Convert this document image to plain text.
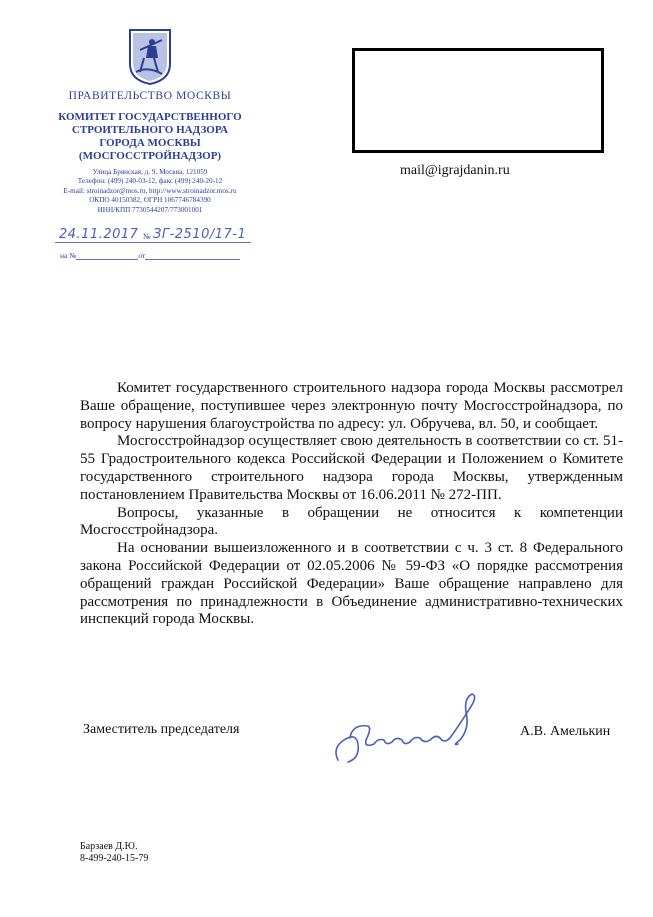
ПРАВИТЕЛЬСТВО МОСКВЫ
КОМИТЕТ ГОСУДАРСТВЕННОГО
СТРОИТЕЛЬНОГО НАДЗОРА
ГОРОДА МОСКВЫ
(МОСГОССТРОЙНАДЗОР)
Улица Брянская, д. 9, Москва, 121059
Телефон: (499) 240-03-12, факс (499) 240-20-12
E-mail: stroinadzor@mos.ru, http://www.stroinadzor.mos.ru
ОКПО 40150382, ОГРН 1067746784390
ИНН/КПП 7730544207/773001001
24.11.2017 № ЗГ-2510/17-1
на №	от
mail@igrajdanin.ru

Комитет государственного строительного надзора города Москвы рассмотрел Ваше обращение, поступившее через электронную почту Мосгосстройнадзора, по вопросу нарушения благоустройства по адресу: ул. Обручева, вл. 50, и сообщает.

Мосгосстройнадзор осуществляет свою деятельность в соответствии со ст. 51-55 Градостроительного кодекса Российской Федерации и Положением о Комитете государственного строительного надзора города Москвы, утвержденным постановлением Правительства Москвы от 16.06.2011 № 272-ПП.

Вопросы, указанные в обращении не относится к компетенции Мосгосстройнадзора.

На основании вышеизложенного и в соответствии с ч. 3 ст. 8 Федерального закона Российской Федерации от 02.05.2006 № 59-ФЗ «О порядке рассмотрения обращений граждан Российской Федерации» Ваше обращение направлено для рассмотрения по принадлежности в Объединение административно-технических инспекций города Москвы.

Заместитель председателя	А.В. Амелькин
Барзаев Д.Ю.
8-499-240-15-79
